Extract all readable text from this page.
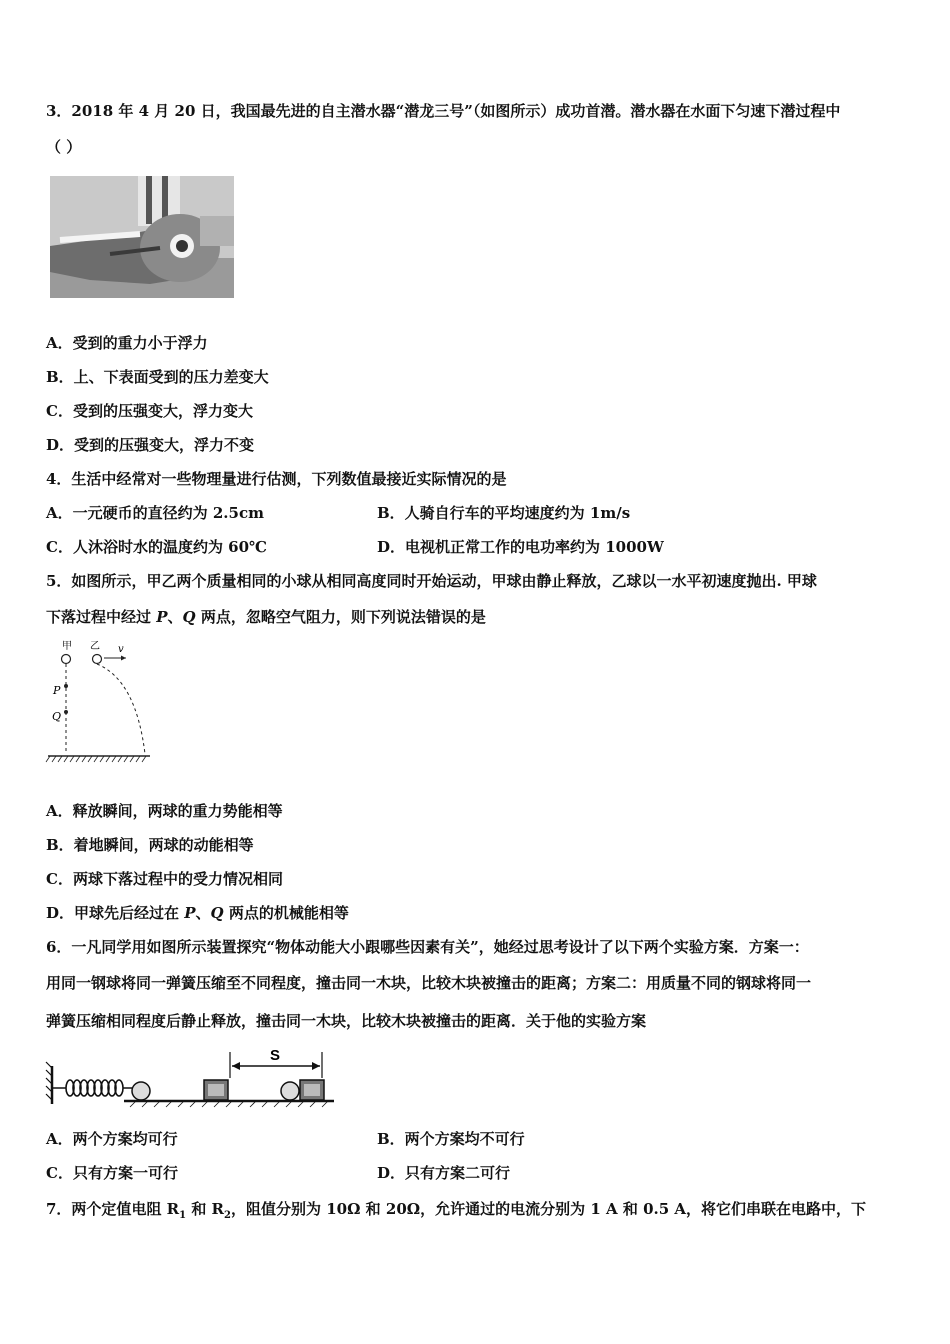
3．2018 年 4 月 20 日，我国最先进的自主潜水器“潜龙三号”（如图所示）成功首潜。潜水器在水面下匀速下潜过程中
（ ）
A．受到的重力小于浮力
B．上、下表面受到的压力差变大
C．受到的压强变大，浮力变大
D．受到的压强变大，浮力不变
4．生活中经常对一些物理量进行估测，下列数值最接近实际情况的是
A．一元硬币的直径约为 2.5cm	B．人骑自行车的平均速度约为 1m/s
C．人沐浴时水的温度约为 60℃	D．电视机正常工作的电功率约为 1000W
5．如图所示，甲乙两个质量相同的小球从相同高度同时开始运动，甲球由静止释放，乙球以一水平初速度抛出. 甲球
下落过程中经过 P、Q 两点，忽略空气阻力，则下列说法错误的是
甲 乙 v
P
Q
A．释放瞬间，两球的重力势能相等
B．着地瞬间，两球的动能相等
C．两球下落过程中的受力情况相同
D．甲球先后经过在 P、Q 两点的机械能相等
6．一凡同学用如图所示装置探究“物体动能大小跟哪些因素有关”，她经过思考设计了以下两个实验方案．方案一：
用同一钢球将同一弹簧压缩至不同程度，撞击同一木块，比较木块被撞击的距离；方案二：用质量不同的钢球将同一
弹簧压缩相同程度后静止释放，撞击同一木块，比较木块被撞击的距离．关于他的实验方案
S
A．两个方案均可行	B．两个方案均不可行
C．只有方案一可行	D．只有方案二可行
7．两个定值电阻 $R_1$ 和 $R_2$，阻值分别为 10Ω 和 20Ω，允许通过的电流分别为 1 A 和 0.5 A，将它们串联在电路中，下
